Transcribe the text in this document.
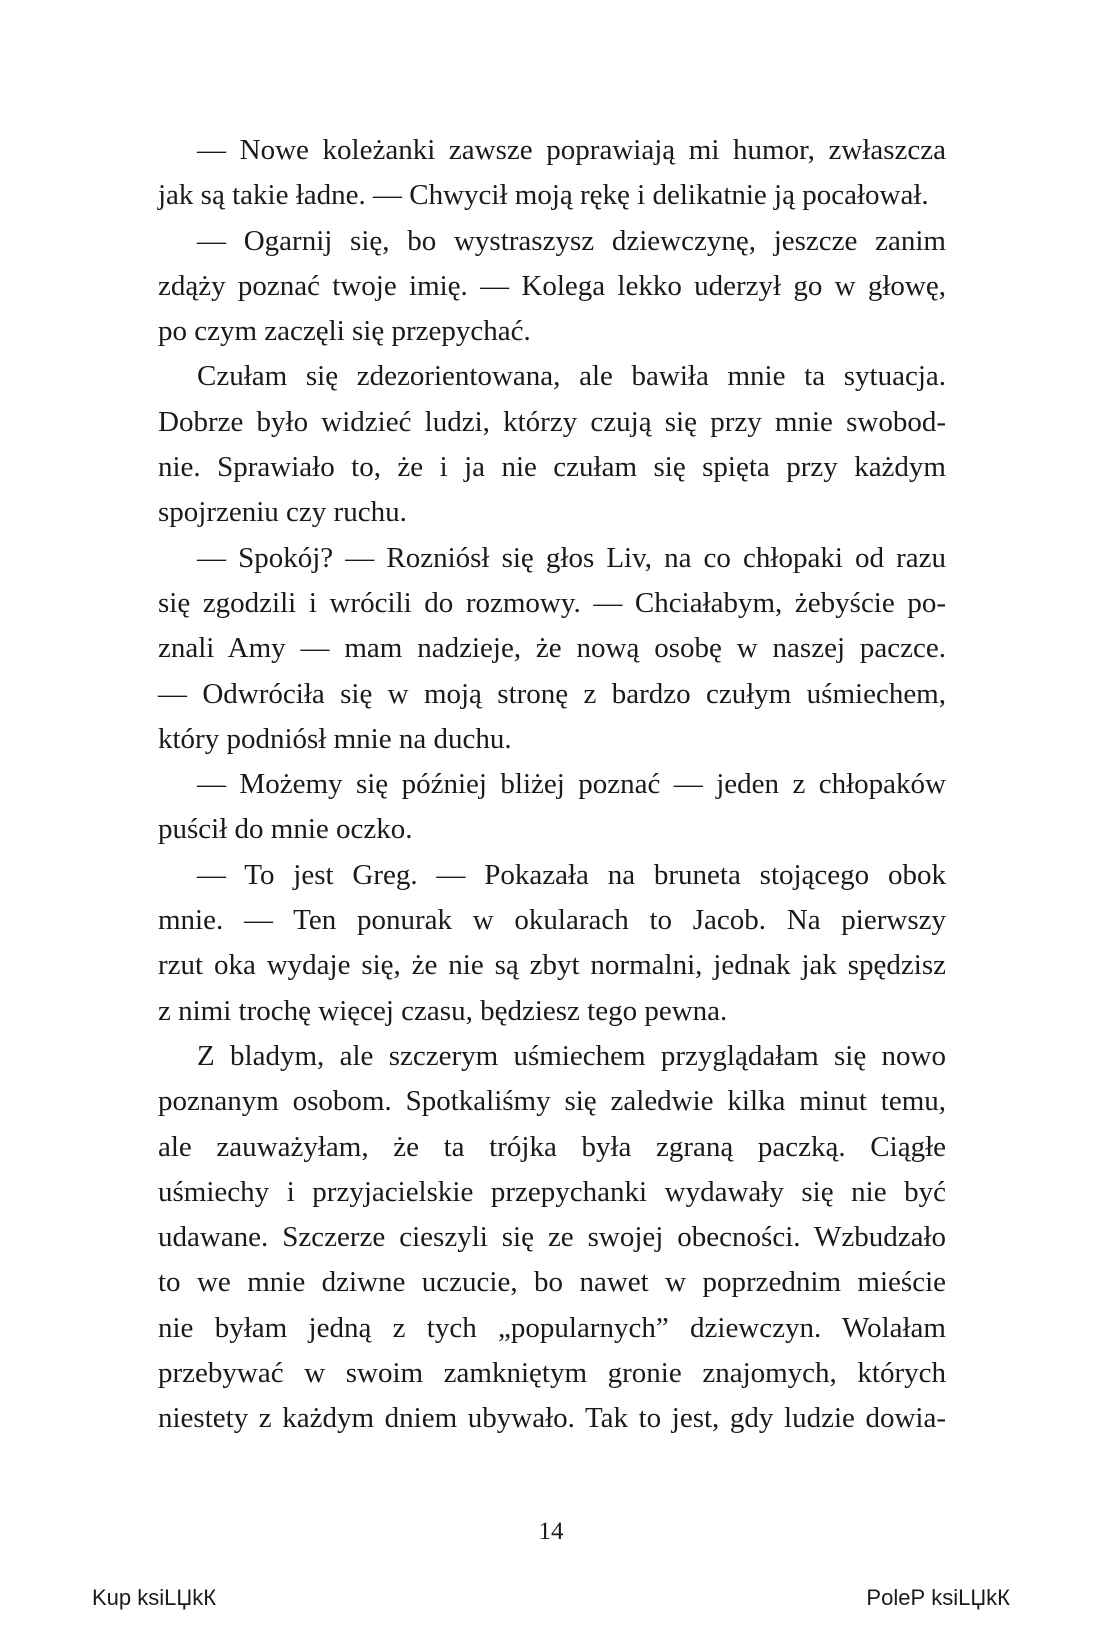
— Nowe koleżanki zawsze poprawiają mi humor, zwłaszcza
jak są takie ładne. — Chwycił moją rękę i delikatnie ją pocałował.

— Ogarnij się, bo wystraszysz dziewczynę, jeszcze zanim
zdąży poznać twoje imię. — Kolega lekko uderzył go w głowę,
po czym zaczęli się przepychać.

Czułam się zdezorientowana, ale bawiła mnie ta sytuacja.
Dobrze było widzieć ludzi, którzy czują się przy mnie swobod-
nie. Sprawiało to, że i ja nie czułam się spięta przy każdym
spojrzeniu czy ruchu.

— Spokój? — Rozniósł się głos Liv, na co chłopaki od razu
się zgodzili i wrócili do rozmowy. — Chciałabym, żebyście po-
znali Amy — mam nadzieje, że nową osobę w naszej paczce.
— Odwróciła się w moją stronę z bardzo czułym uśmiechem,
który podniósł mnie na duchu.

— Możemy się później bliżej poznać — jeden z chłopaków
puścił do mnie oczko.

— To jest Greg. — Pokazała na bruneta stojącego obok
mnie. — Ten ponurak w okularach to Jacob. Na pierwszy
rzut oka wydaje się, że nie są zbyt normalni, jednak jak spędzisz
z nimi trochę więcej czasu, będziesz tego pewna.

Z bladym, ale szczerym uśmiechem przyglądałam się nowo
poznanym osobom. Spotkaliśmy się zaledwie kilka minut temu,
ale zauważyłam, że ta trójka była zgraną paczką. Ciągłe
uśmiechy i przyjacielskie przepychanki wydawały się nie być
udawane. Szczerze cieszyli się ze swojej obecności. Wzbudzało
to we mnie dziwne uczucie, bo nawet w poprzednim mieście
nie byłam jedną z tych „popularnych” dziewczyn. Wolałam
przebywać w swoim zamkniętym gronie znajomych, których
niestety z każdym dniem ubywało. Tak to jest, gdy ludzie dowia-

14
Kup ksiLЏkК	PoleР ksiLЏkК
